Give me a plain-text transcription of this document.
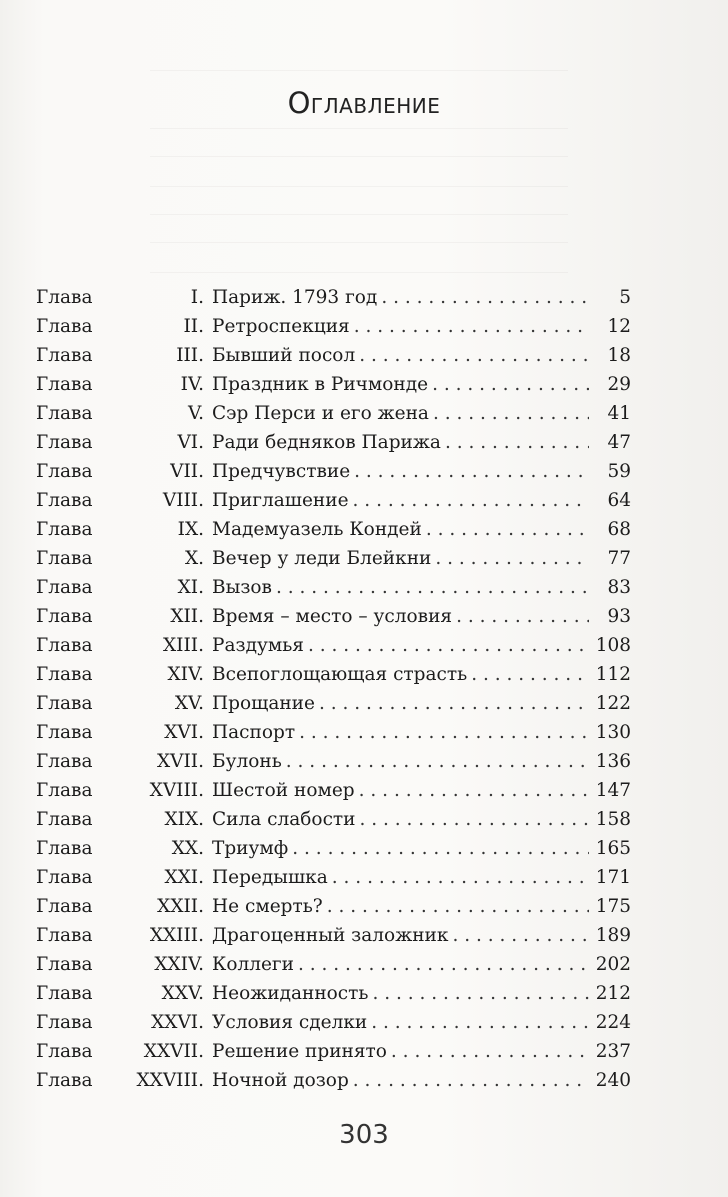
Оглавление
Глава	I. Париж. 1793 год . . .	5
Глава	II. Ретроспекция . . .	12
Глава	III. Бывший посол . . .	18
Глава	IV. Праздник в Ричмонде . . .	29
Глава	V. Сэр Перси и его жена . . .	41
Глава	VI. Ради бедняков Парижа . . .	47
Глава	VII. Предчувствие . . .	59
Глава	VIII. Приглашение . . .	64
Глава	IX. Мадемуазель Кондей . . .	68
Глава	X. Вечер у леди Блейкни . . .	77
Глава	XI. Вызов . . .	83
Глава	XII. Время – место – условия . . .	93
Глава	XIII. Раздумья . . .	108
Глава	XIV. Всепоглощающая страсть . . .	112
Глава	XV. Прощание . . .	122
Глава	XVI. Паспорт . . .	130
Глава	XVII. Булонь . . .	136
Глава	XVIII. Шестой номер . . .	147
Глава	XIX. Сила слабости . . .	158
Глава	XX. Триумф . . .	165
Глава	XXI. Передышка . . .	171
Глава	XXII. Не смерть? . . .	175
Глава	XXIII. Драгоценный заложник . . .	189
Глава	XXIV. Коллеги . . .	202
Глава	XXV. Неожиданность . . .	212
Глава	XXVI. Условия сделки . . .	224
Глава	XXVII. Решение принято . . .	237
Глава	XXVIII. Ночной дозор . . .	240
303
